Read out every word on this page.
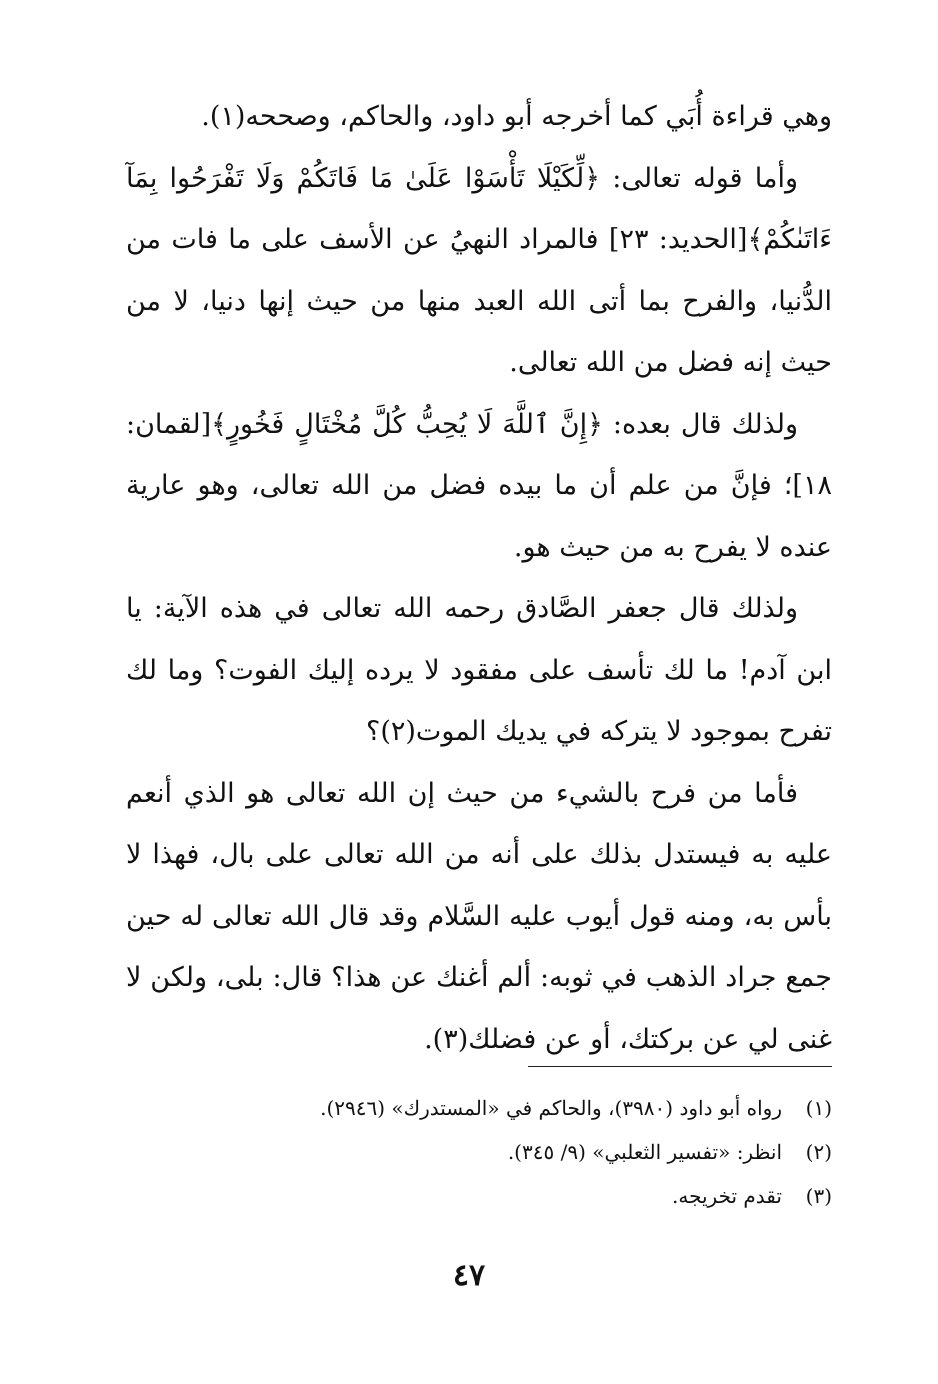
وهي قراءة أُبَي كما أخرجه أبو داود، والحاكم، وصححه(١).

وأما قوله تعالى: ﴿لِّكَيْلَا تَأْسَوْا عَلَىٰ مَا فَاتَكُمْ وَلَا تَفْرَحُوا بِمَآ ءَاتَىٰكُمْ﴾[الحديد: ٢٣] فالمراد النهيُ عن الأسف على ما فات من الدُّنيا، والفرح بما أتى الله العبد منها من حيث إنها دنيا، لا من حيث إنه فضل من الله تعالى.

ولذلك قال بعده: ﴿إِنَّ ٱللَّهَ لَا يُحِبُّ كُلَّ مُخْتَالٍ فَخُورٍ﴾[لقمان: ١٨]؛ فإنَّ من علم أن ما بيده فضل من الله تعالى، وهو عارية عنده لا يفرح به من حيث هو.

ولذلك قال جعفر الصَّادق رحمه الله تعالى في هذه الآية: يا ابن آدم! ما لك تأسف على مفقود لا يرده إليك الفوت؟ وما لك تفرح بموجود لا يتركه في يديك الموت(٢)؟

فأما من فرح بالشيء من حيث إن الله تعالى هو الذي أنعم عليه به فيستدل بذلك على أنه من الله تعالى على بال، فهذا لا بأس به، ومنه قول أيوب عليه السَّلام وقد قال الله تعالى له حين جمع جراد الذهب في ثوبه: ألم أغنك عن هذا؟ قال: بلى، ولكن لا غنى لي عن بركتك، أو عن فضلك(٣).

(١)
رواه أبو داود (٣٩٨٠)، والحاكم في «المستدرك» (٢٩٤٦).
(٢)
انظر: «تفسير الثعلبي» (٩/ ٣٤٥).
(٣)
تقدم تخريجه.
٤٧
